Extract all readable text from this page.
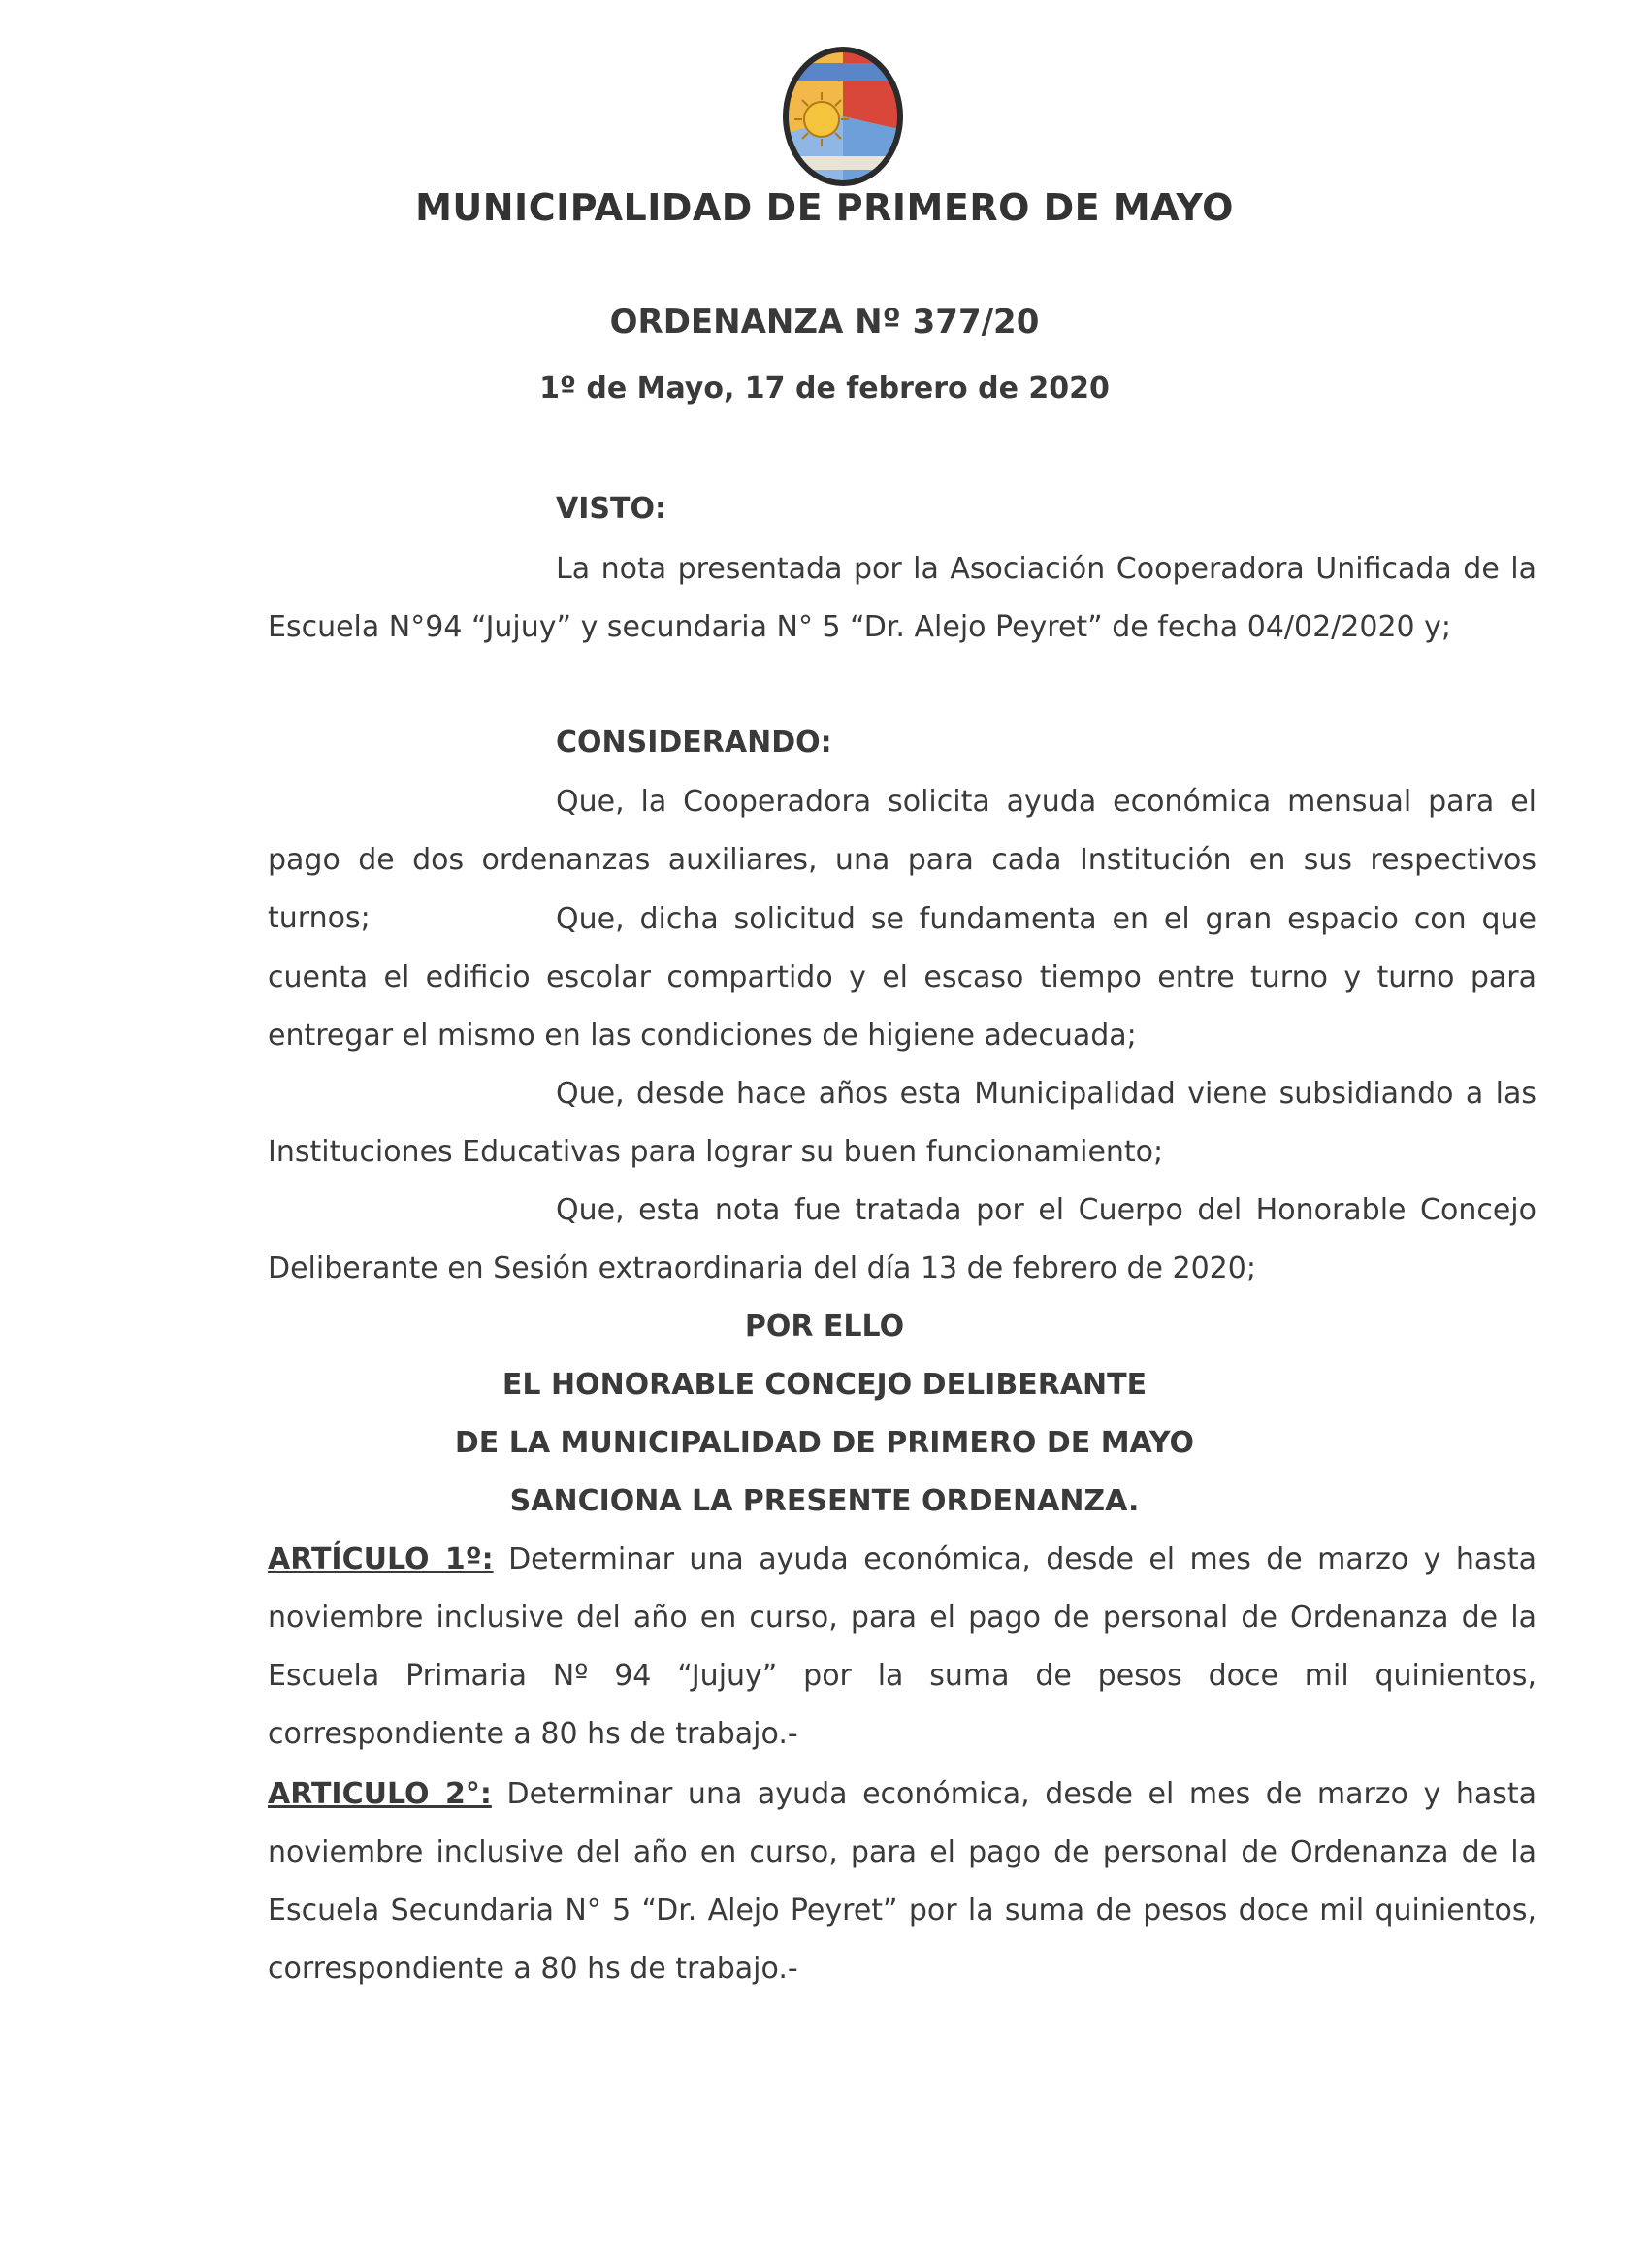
MUNICIPALIDAD DE PRIMERO DE MAYO
ORDENANZA Nº 377/20
1º de Mayo, 17 de febrero de 2020
VISTO:
La nota presentada por la Asociación Cooperadora Unificada de la Escuela N°94 “Jujuy” y secundaria N° 5 “Dr. Alejo Peyret” de fecha 04/02/2020 y;
CONSIDERANDO:
Que, la Cooperadora solicita ayuda económica mensual para el pago de dos ordenanzas auxiliares, una para cada Institución en sus respectivos turnos;	Que, dicha solicitud se fundamenta en el gran espacio con que cuenta el edificio escolar compartido y el escaso tiempo entre turno y turno para entregar el mismo en las condiciones de higiene adecuada;
Que, desde hace años esta Municipalidad viene subsidiando a las Instituciones Educativas para lograr su buen funcionamiento;
Que, esta nota fue tratada por el Cuerpo del Honorable Concejo Deliberante en Sesión extraordinaria del día 13 de febrero de 2020;
POR ELLO
EL HONORABLE CONCEJO DELIBERANTE
DE LA MUNICIPALIDAD DE PRIMERO DE MAYO
SANCIONA LA PRESENTE ORDENANZA.
ARTÍCULO 1º: Determinar una ayuda económica, desde el mes de marzo y hasta noviembre inclusive del año en curso, para el pago de personal de Ordenanza de la Escuela Primaria Nº 94 “Jujuy” por la suma de pesos doce mil quinientos, correspondiente a 80 hs de trabajo.-
ARTICULO 2°: Determinar una ayuda económica, desde el mes de marzo y hasta noviembre inclusive del año en curso, para el pago de personal de Ordenanza de la Escuela Secundaria N° 5 “Dr. Alejo Peyret” por la suma de pesos doce mil quinientos, correspondiente a 80 hs de trabajo.-
